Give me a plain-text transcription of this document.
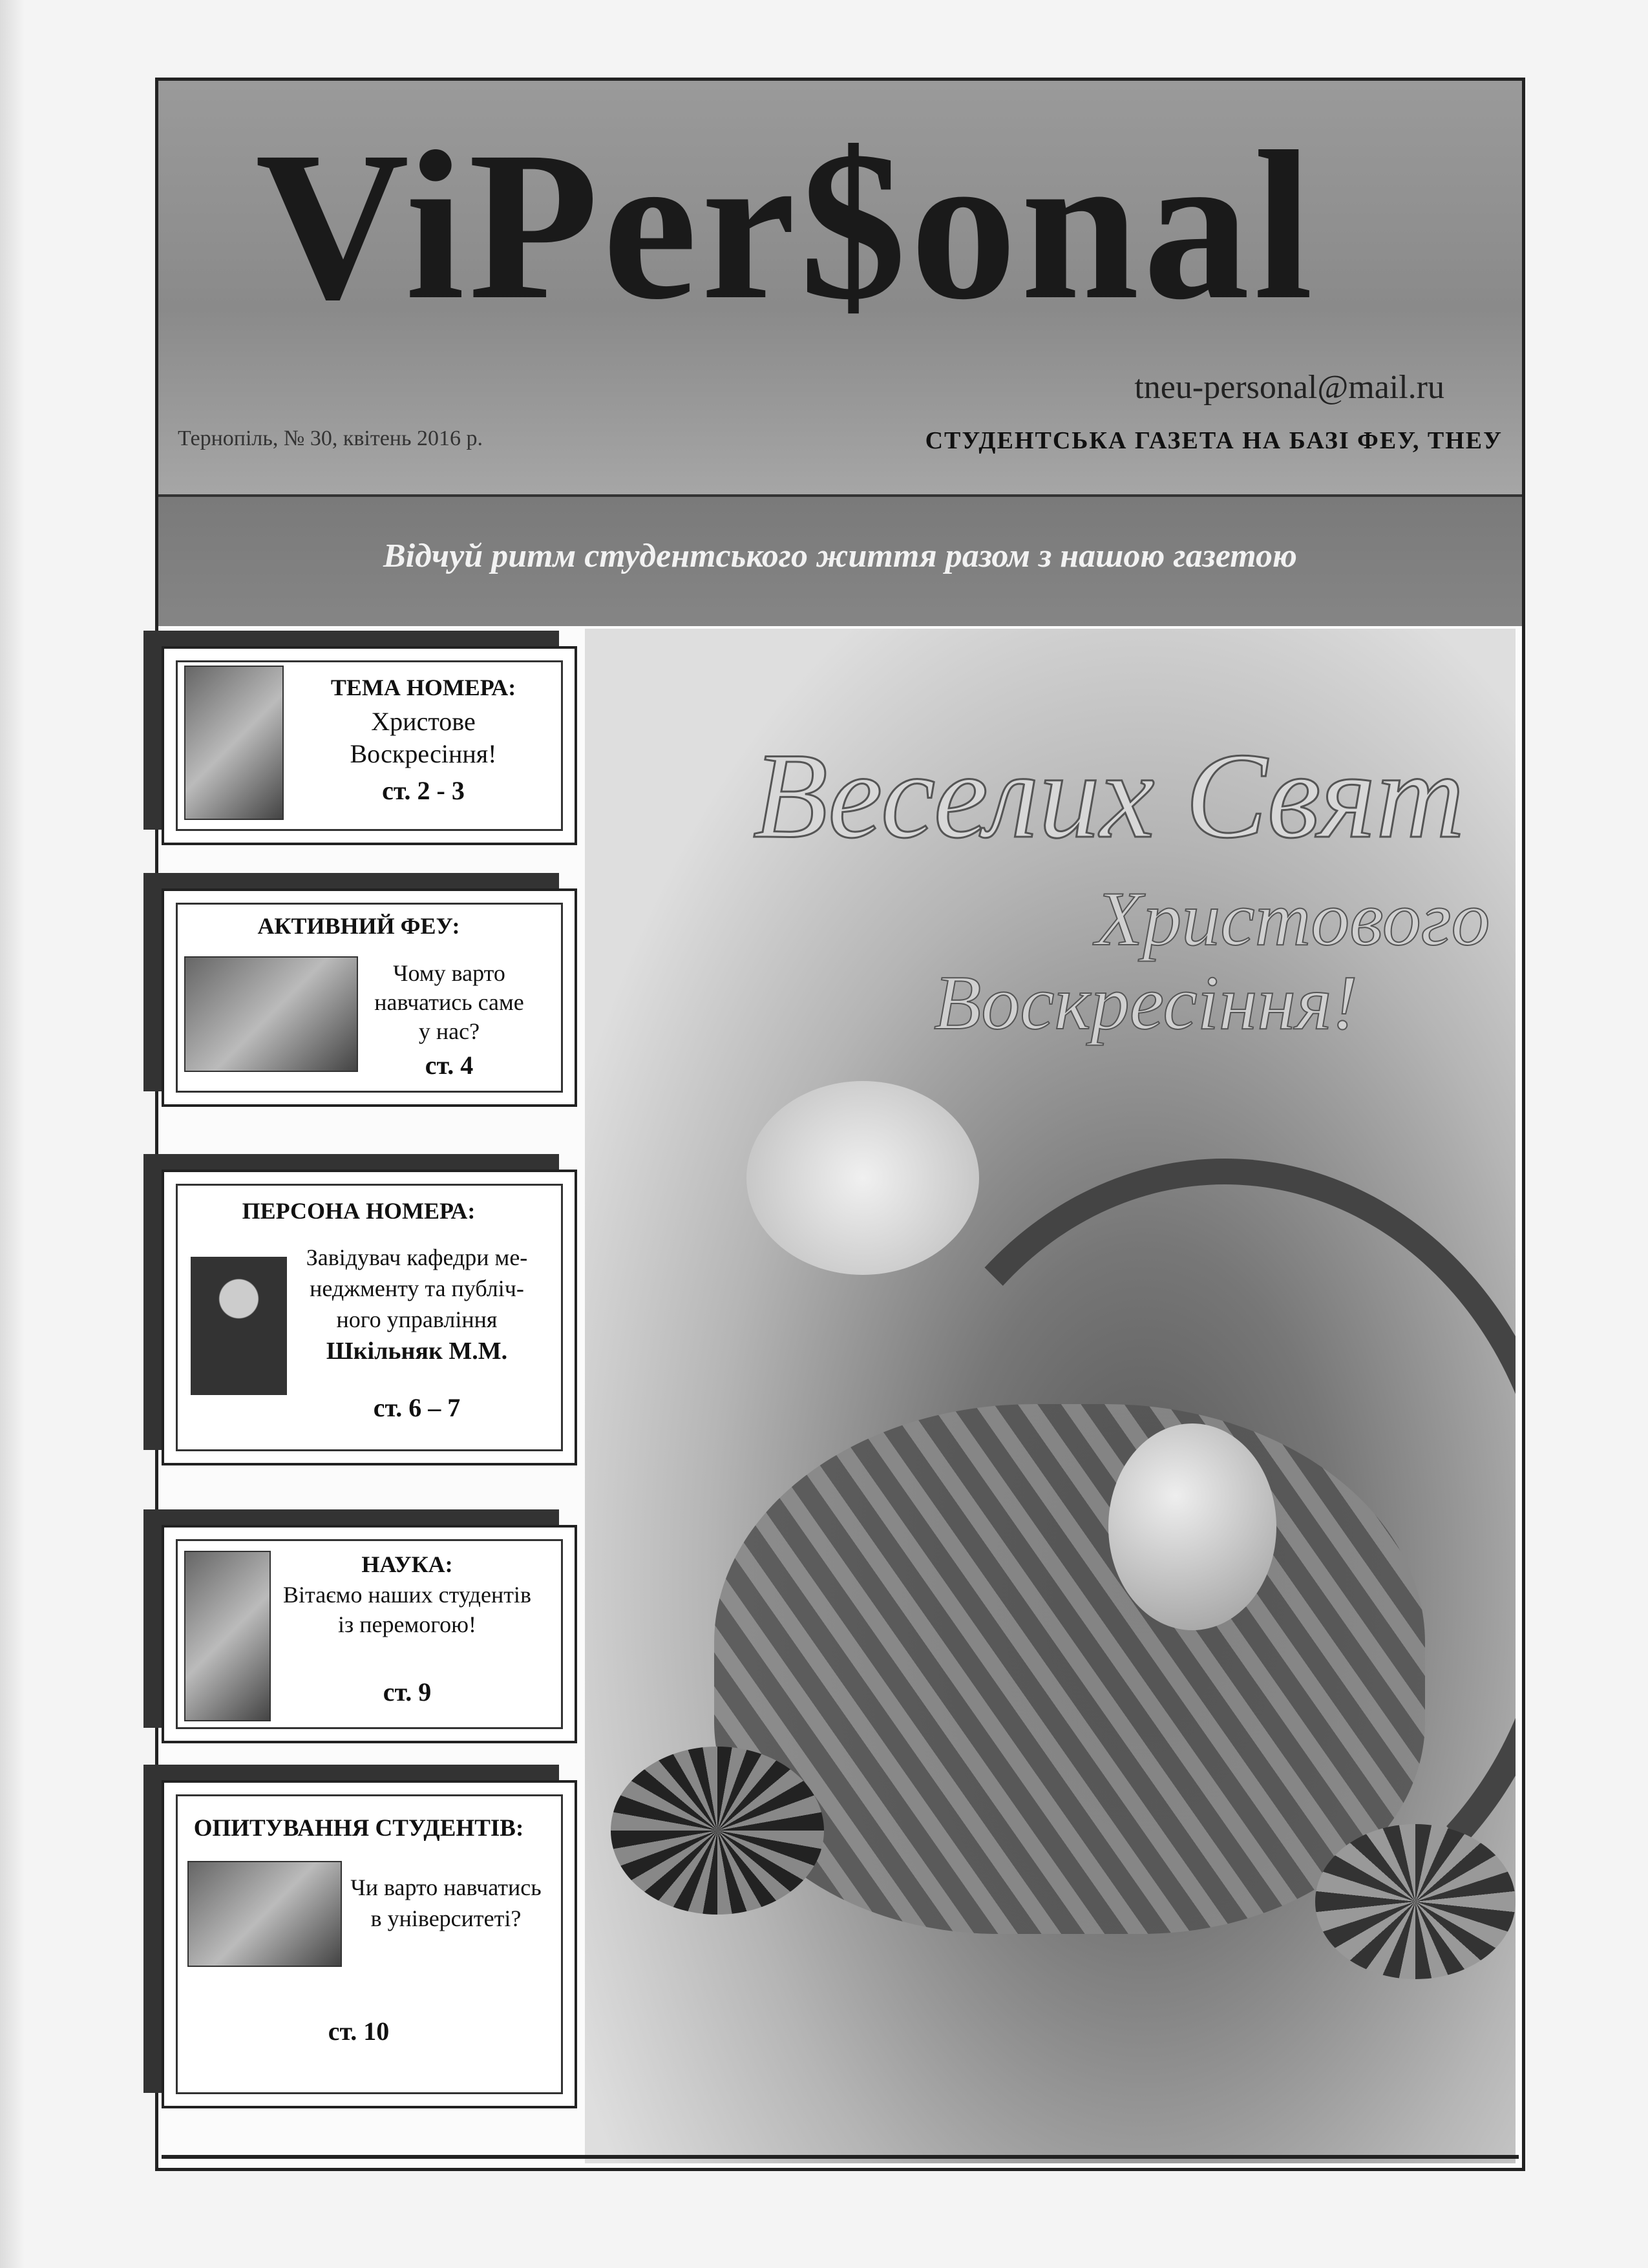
ViPer$onal
tneu-personal@mail.ru
Тернопіль, № 30, квітень 2016 р.	СТУДЕНТСЬКА ГАЗЕТА НА БАЗІ ФЕУ, ТНЕУ
Відчуй ритм студентського життя разом з нашою газетою
Веселих Свят
Христового
Воскресіння!
ТЕМА НОМЕРА:
Христове
Воскресіння!
ст. 2 - 3
АКТИВНИЙ ФЕУ:
Чому варто
навчатись саме
у нас?
ст. 4
ПЕРСОНА НОМЕРА:
Завідувач кафедри ме-
неджменту та публіч-
ного управління
Шкільняк М.М.
ст. 6 – 7
НАУКА:
Вітаємо наших студентів
із перемогою!
ст. 9
ОПИТУВАННЯ СТУДЕНТІВ:
Чи варто навчатись
в університеті?
ст. 10
